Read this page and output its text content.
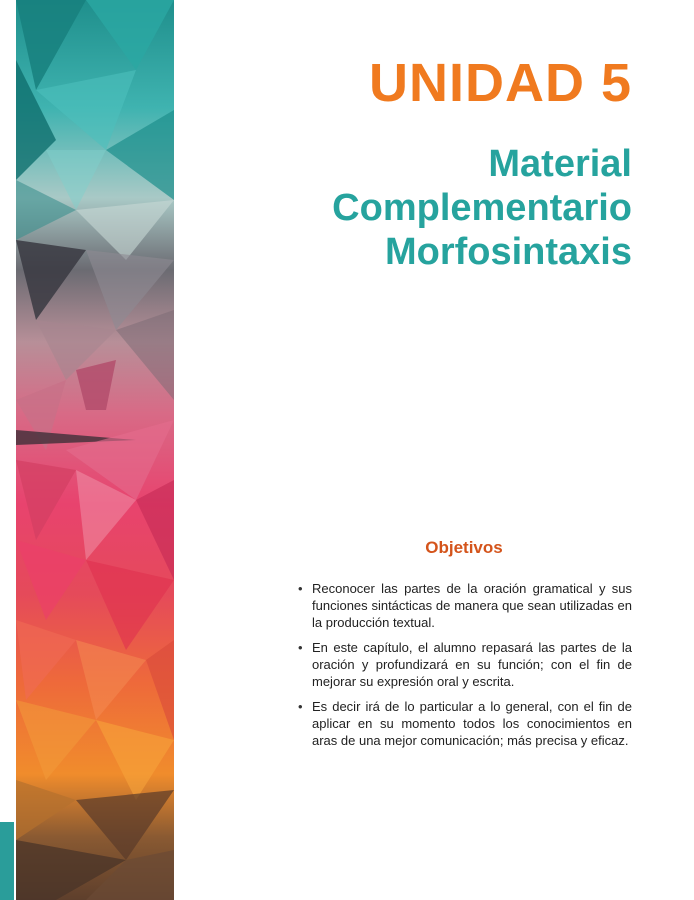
UNIDAD 5
Material
Complementario
Morfosintaxis
Objetivos
• Reconocer las partes de la oración gramatical y sus funciones sintácticas de manera que sean utilizadas en la producción textual.
• En este capítulo, el alumno repasará las partes de la oración y profundizará en su función; con el fin de mejorar su expresión oral y escrita.
• Es decir irá de lo particular a lo general, con el fin de aplicar en su momento todos los conocimientos en aras de una mejor comunicación; más precisa y eficaz.
